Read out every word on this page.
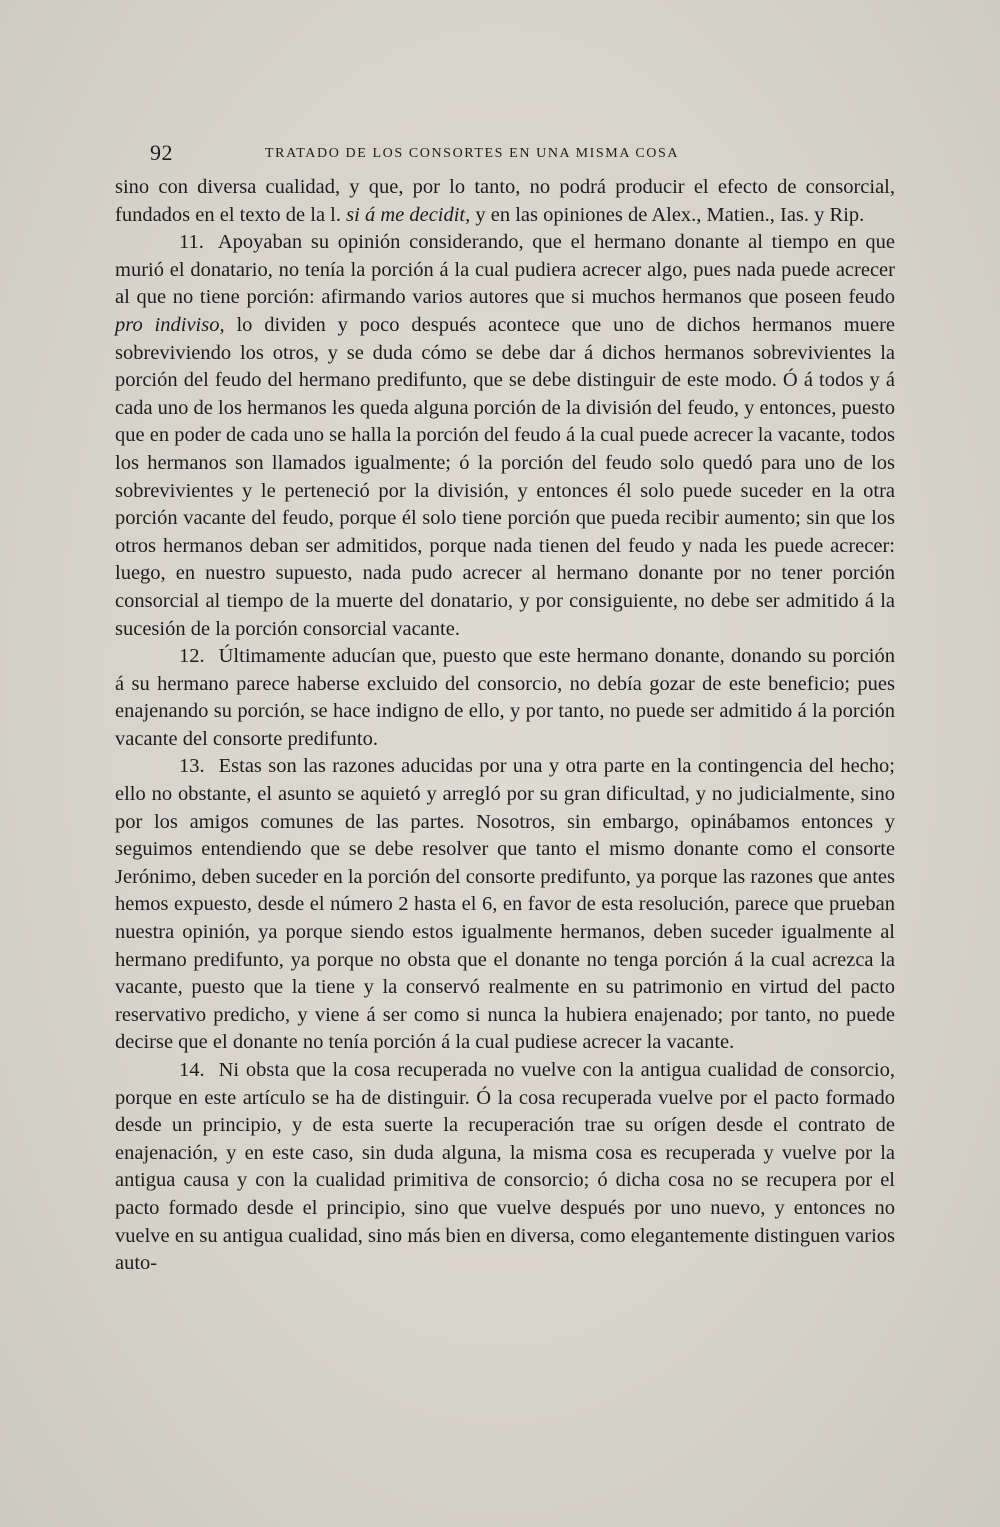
92	TRATADO DE LOS CONSORTES EN UNA MISMA COSA

sino con diversa cualidad, y que, por lo tanto, no podrá producir el efecto de consorcial, fundados en el texto de la l. si á me decidit, y en las opiniones de Alex., Matien., Ias. y Rip.

11. Apoyaban su opinión considerando, que el hermano donante al tiempo en que murió el donatario, no tenía la porción á la cual pudiera acrecer algo, pues nada puede acrecer al que no tiene porción: afirmando varios autores que si muchos hermanos que poseen feudo pro indiviso, lo dividen y poco después acontece que uno de dichos hermanos muere sobreviviendo los otros, y se duda cómo se debe dar á dichos hermanos sobrevivientes la porción del feudo del hermano predifunto, que se debe distinguir de este modo. Ó á todos y á cada uno de los hermanos les queda alguna porción de la división del feudo, y entonces, puesto que en poder de cada uno se halla la porción del feudo á la cual puede acrecer la vacante, todos los hermanos son llamados igualmente; ó la porción del feudo solo quedó para uno de los sobrevivientes y le perteneció por la división, y entonces él solo puede suceder en la otra porción vacante del feudo, porque él solo tiene porción que pueda recibir aumento; sin que los otros hermanos deban ser admitidos, porque nada tienen del feudo y nada les puede acrecer: luego, en nuestro supuesto, nada pudo acrecer al hermano donante por no tener porción consorcial al tiempo de la muerte del donatario, y por consiguiente, no debe ser admitido á la sucesión de la porción consorcial vacante.

12. Últimamente aducían que, puesto que este hermano donante, donando su porción á su hermano parece haberse excluido del consorcio, no debía gozar de este beneficio; pues enajenando su porción, se hace indigno de ello, y por tanto, no puede ser admitido á la porción vacante del consorte predifunto.

13. Estas son las razones aducidas por una y otra parte en la contingencia del hecho; ello no obstante, el asunto se aquietó y arregló por su gran dificultad, y no judicialmente, sino por los amigos comunes de las partes. Nosotros, sin embargo, opinábamos entonces y seguimos entendiendo que se debe resolver que tanto el mismo donante como el consorte Jerónimo, deben suceder en la porción del consorte predifunto, ya porque las razones que antes hemos expuesto, desde el número 2 hasta el 6, en favor de esta resolución, parece que prueban nuestra opinión, ya porque siendo estos igualmente hermanos, deben suceder igualmente al hermano predifunto, ya porque no obsta que el donante no tenga porción á la cual acrezca la vacante, puesto que la tiene y la conservó realmente en su patrimonio en virtud del pacto reservativo predicho, y viene á ser como si nunca la hubiera enajenado; por tanto, no puede decirse que el donante no tenía porción á la cual pudiese acrecer la vacante.

14. Ni obsta que la cosa recuperada no vuelve con la antigua cualidad de consorcio, porque en este artículo se ha de distinguir. Ó la cosa recuperada vuelve por el pacto formado desde un principio, y de esta suerte la recuperación trae su orígen desde el contrato de enajenación, y en este caso, sin duda alguna, la misma cosa es recuperada y vuelve por la antigua causa y con la cualidad primitiva de consorcio; ó dicha cosa no se recupera por el pacto formado desde el principio, sino que vuelve después por uno nuevo, y entonces no vuelve en su antigua cualidad, sino más bien en diversa, como elegantemente distinguen varios auto-
